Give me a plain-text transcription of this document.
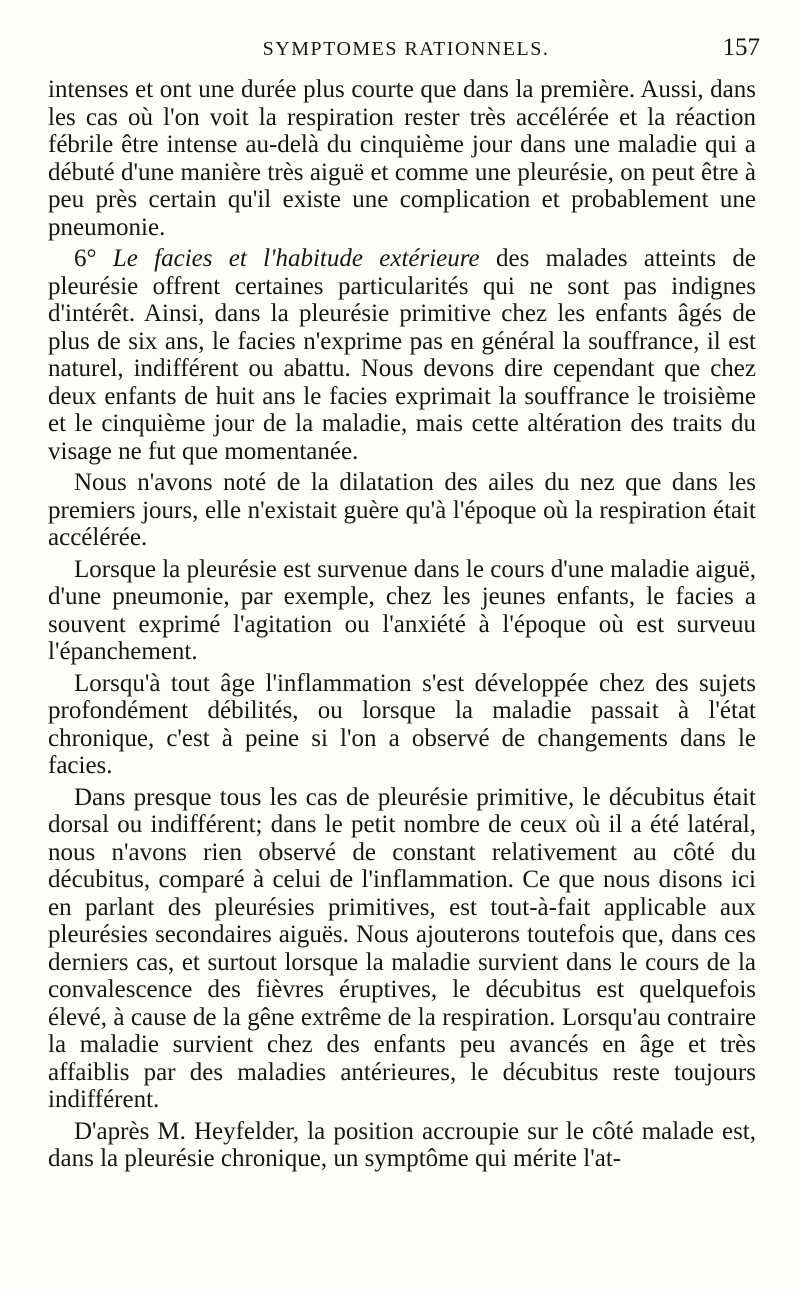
SYMPTOMES RATIONNELS.	157

intenses et ont une durée plus courte que dans la première. Aussi, dans les cas où l'on voit la respiration rester très accélérée et la réaction fébrile être intense au-delà du cinquième jour dans une maladie qui a débuté d'une manière très aiguë et comme une pleurésie, on peut être à peu près certain qu'il existe une complication et probablement une pneumonie.

6° Le facies et l'habitude extérieure des malades atteints de pleurésie offrent certaines particularités qui ne sont pas indignes d'intérêt. Ainsi, dans la pleurésie primitive chez les enfants âgés de plus de six ans, le facies n'exprime pas en général la souffrance, il est naturel, indifférent ou abattu. Nous devons dire cependant que chez deux enfants de huit ans le facies exprimait la souffrance le troisième et le cinquième jour de la maladie, mais cette altération des traits du visage ne fut que momentanée.

Nous n'avons noté de la dilatation des ailes du nez que dans les premiers jours, elle n'existait guère qu'à l'époque où la respiration était accélérée.

Lorsque la pleurésie est survenue dans le cours d'une maladie aiguë, d'une pneumonie, par exemple, chez les jeunes enfants, le facies a souvent exprimé l'agitation ou l'anxiété à l'époque où est surveuu l'épanchement.

Lorsqu'à tout âge l'inflammation s'est développée chez des sujets profondément débilités, ou lorsque la maladie passait à l'état chronique, c'est à peine si l'on a observé de changements dans le facies.

Dans presque tous les cas de pleurésie primitive, le décubitus était dorsal ou indifférent; dans le petit nombre de ceux où il a été latéral, nous n'avons rien observé de constant relativement au côté du décubitus, comparé à celui de l'inflammation. Ce que nous disons ici en parlant des pleurésies primitives, est tout-à-fait applicable aux pleurésies secondaires aiguës. Nous ajouterons toutefois que, dans ces derniers cas, et surtout lorsque la maladie survient dans le cours de la convalescence des fièvres éruptives, le décubitus est quelquefois élevé, à cause de la gêne extrême de la respiration. Lorsqu'au contraire la maladie survient chez des enfants peu avancés en âge et très affaiblis par des maladies antérieures, le décubitus reste toujours indifférent.

D'après M. Heyfelder, la position accroupie sur le côté malade est, dans la pleurésie chronique, un symptôme qui mérite l'at-
